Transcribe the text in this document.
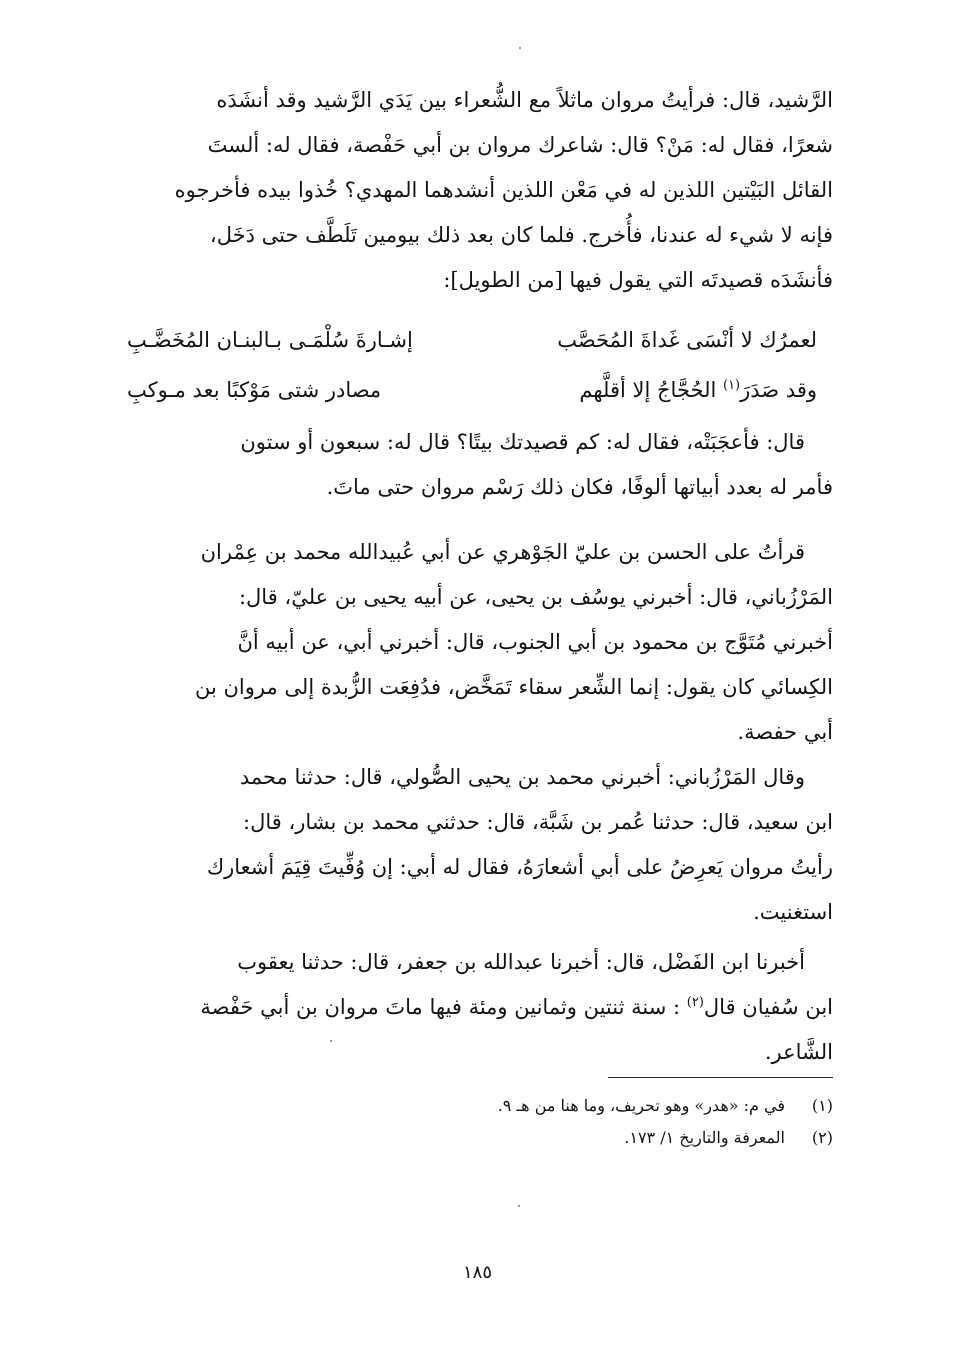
الرَّشيد، قال: فرأيتُ مروان ماثلاً مع الشُّعراء بين يَدَي الرَّشيد وقد أنشَدَه

شعرًا، فقال له: مَنْ؟ قال: شاعرك مروان بن أبي حَفْصة، فقال له: ألستَ

القائل البَيْتين اللذين له في مَعْن اللذين أنشدهما المهدي؟ خُذوا بيده فأخرجوه

فإنه لا شيء له عندنا، فأُخرج. فلما كان بعد ذلك بيومين تَلَطَّف حتى دَخَل،

فأنشَدَه قصيدتَه التي يقول فيها [من الطويل]:

لعمرُك لا أنْسَى غَداةَ المُحَصَّب
إشـارةَ سُلْمَـى بـالبنـان المُخَضَّـبِ
وقد صَدَرَ$^{(١)}$ الحُجَّاجُ إلا أقلَّهم
مصادر شتى مَوْكبًا بعد مـوكبِ

قال: فأعجَبَتْه، فقال له: كم قصيدتك بيتًا؟ قال له: سبعون أو ستون

فأمر له بعدد أبياتها ألوفًا، فكان ذلك رَسْم مروان حتى ماتَ.

قرأتُ على الحسن بن عليّ الجَوْهري عن أبي عُبيدالله محمد بن عِمْران

المَرْزُباني، قال: أخبرني يوسُف بن يحيى، عن أبيه يحيى بن عليّ، قال:

أخبرني مُتَوَّج بن محمود بن أبي الجنوب، قال: أخبرني أبي، عن أبيه أنَّ

الكِسائي كان يقول: إنما الشِّعر سقاء تَمَخَّض، فدُفِعَت الزُّبدة إلى مروان بن

أبي حفصة.

وقال المَرْزُباني: أخبرني محمد بن يحيى الصُّولي، قال: حدثنا محمد

ابن سعيد، قال: حدثنا عُمر بن شَبَّة، قال: حدثني محمد بن بشار، قال:

رأيتُ مروان يَعرِضُ على أبي أشعارَهُ، فقال له أبي: إن وُفِّيتَ قِيَمَ أشعارك

استغنيت.

أخبرنا ابن الفَضْل، قال: أخبرنا عبدالله بن جعفر، قال: حدثنا يعقوب

ابن سُفيان قال$^{(٢)}$ : سنة ثنتين وثمانين ومئة فيها ماتَ مروان بن أبي حَفْصة

الشَّاعر.

(١)
في م: «هدر» وهو تحريف، وما هنا من هـ ٩.
(٢)
المعرفة والتاريخ ١/ ١٧٣.
١٨٥
